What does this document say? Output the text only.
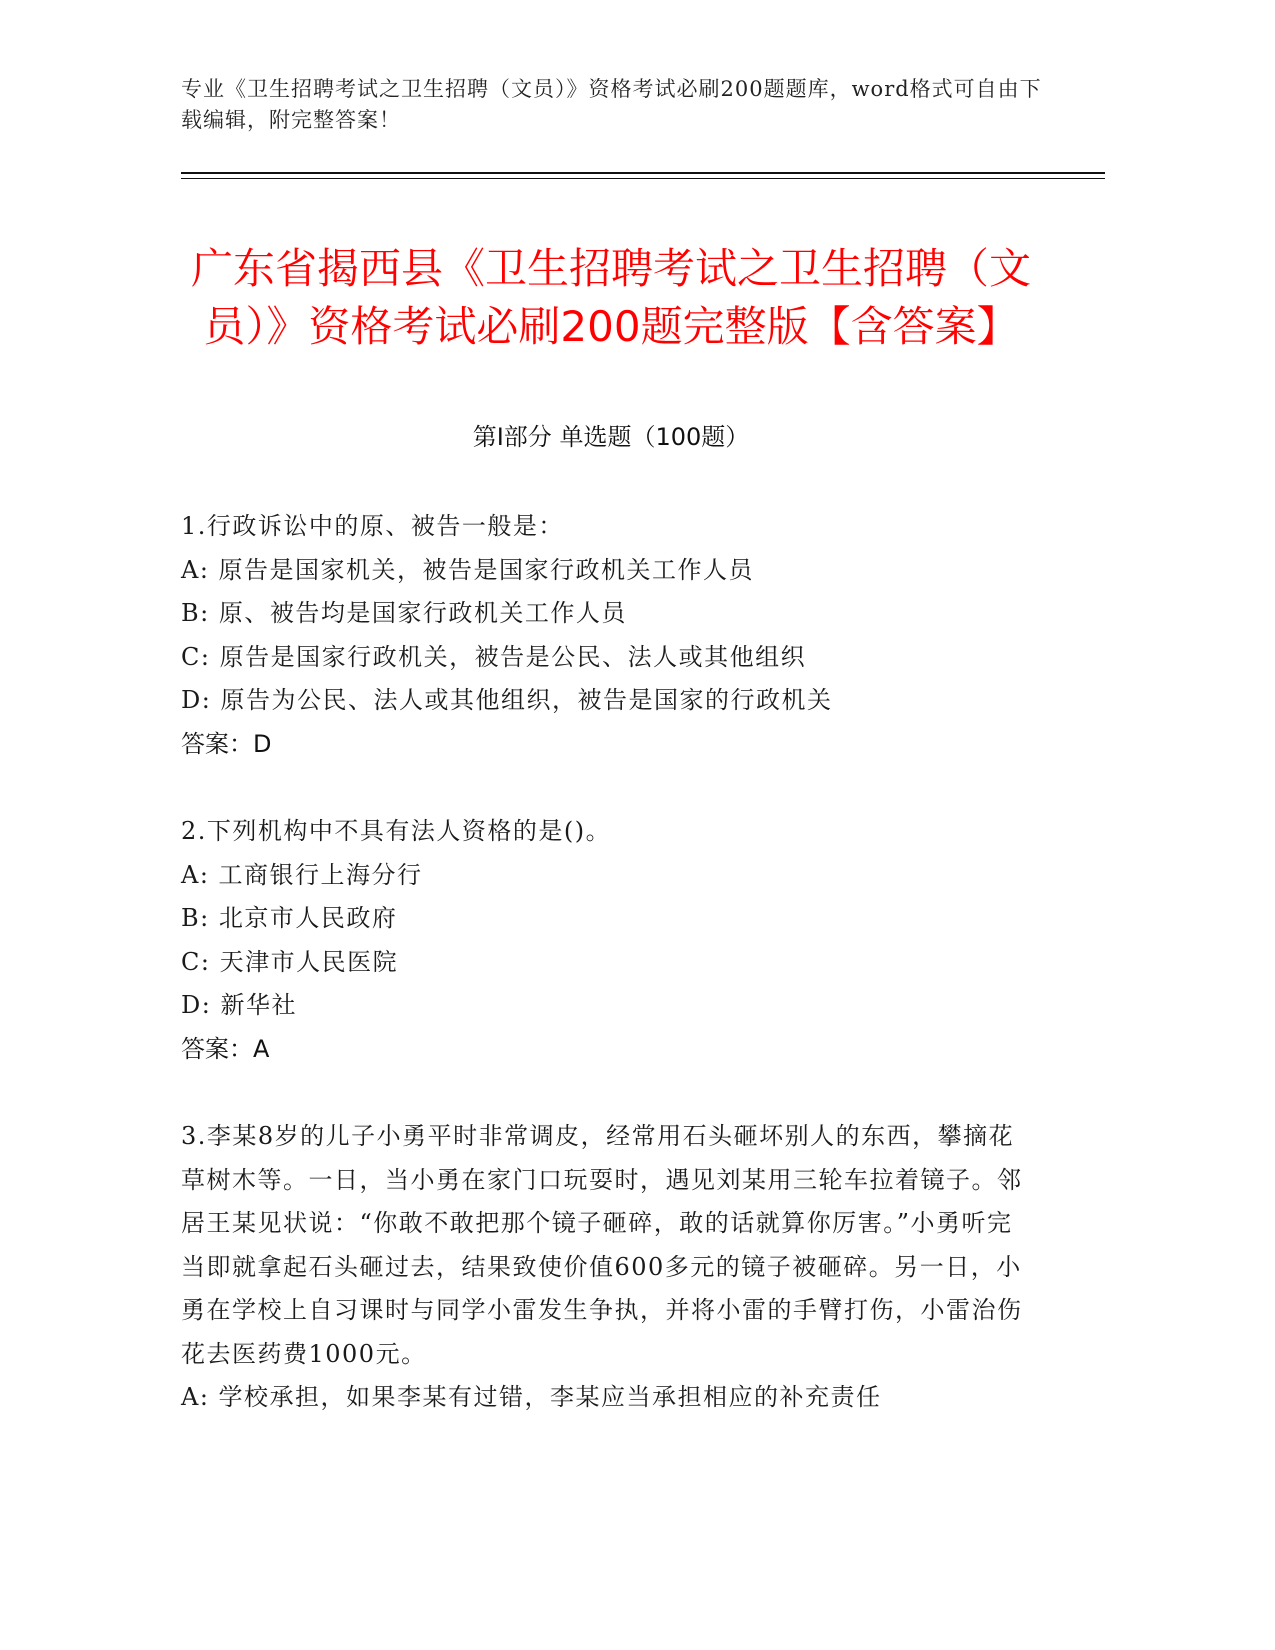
专业《卫生招聘考试之卫生招聘（文员）》资格考试必刷200题题库，word格式可自由下载编辑，附完整答案！
广东省揭西县《卫生招聘考试之卫生招聘（文员）》资格考试必刷200题完整版【含答案】
第Ⅰ部分 单选题（100题）

1.行政诉讼中的原、被告一般是：

A: 原告是国家机关，被告是国家行政机关工作人员

B: 原、被告均是国家行政机关工作人员

C: 原告是国家行政机关，被告是公民、法人或其他组织

D: 原告为公民、法人或其他组织，被告是国家的行政机关

答案：D

2.下列机构中不具有法人资格的是()。

A: 工商银行上海分行

B: 北京市人民政府

C: 天津市人民医院

D: 新华社

答案：A

3.李某8岁的儿子小勇平时非常调皮，经常用石头砸坏别人的东西，攀摘花草树木等。一日，当小勇在家门口玩耍时，遇见刘某用三轮车拉着镜子。邻居王某见状说：“你敢不敢把那个镜子砸碎，敢的话就算你厉害。”小勇听完当即就拿起石头砸过去，结果致使价值600多元的镜子被砸碎。另一日，小勇在学校上自习课时与同学小雷发生争执，并将小雷的手臂打伤，小雷治伤花去医药费1000元。

A: 学校承担，如果李某有过错，李某应当承担相应的补充责任
